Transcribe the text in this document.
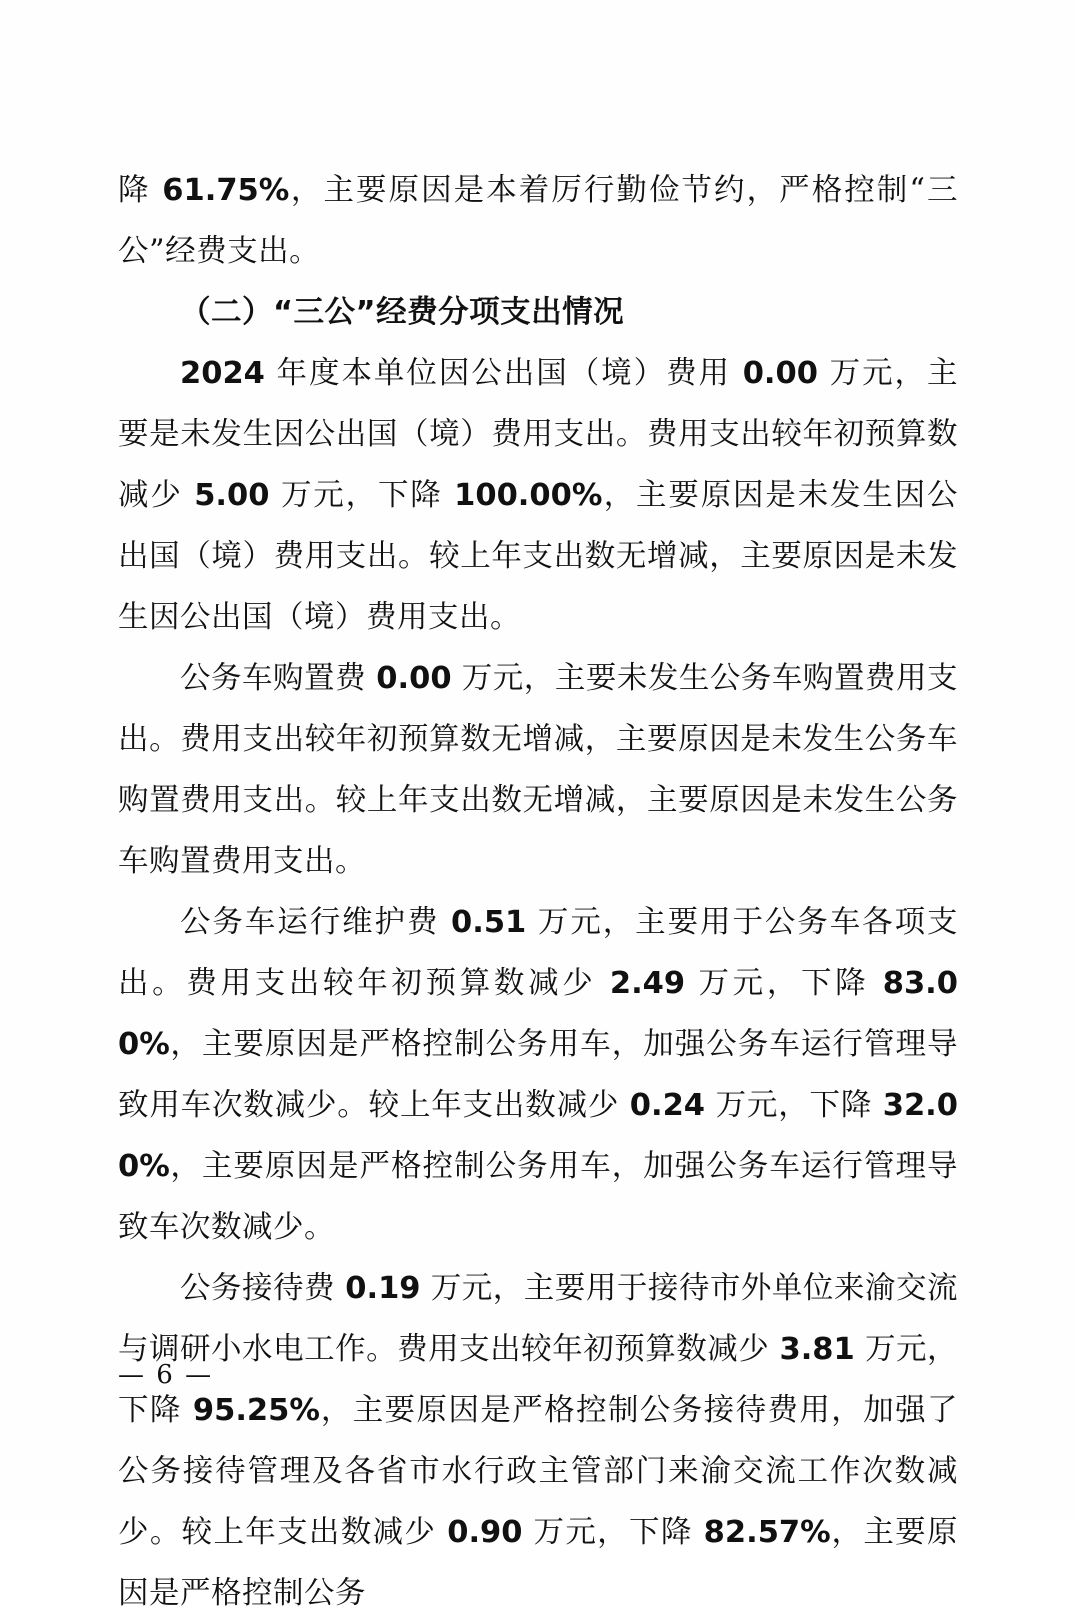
降 61.75%，主要原因是本着厉行勤俭节约，严格控制“三公”经费支出。

（二）“三公”经费分项支出情况

2024 年度本单位因公出国（境）费用 0.00 万元，主要是未发生因公出国（境）费用支出。费用支出较年初预算数减少 5.00 万元，下降 100.00%，主要原因是未发生因公出国（境）费用支出。较上年支出数无增减，主要原因是未发生因公出国（境）费用支出。

公务车购置费 0.00 万元，主要未发生公务车购置费用支出。费用支出较年初预算数无增减，主要原因是未发生公务车购置费用支出。较上年支出数无增减，主要原因是未发生公务车购置费用支出。

公务车运行维护费 0.51 万元，主要用于公务车各项支出。费用支出较年初预算数减少 2.49 万元，下降 83.00%，主要原因是严格控制公务用车，加强公务车运行管理导致用车次数减少。较上年支出数减少 0.24 万元，下降 32.00%，主要原因是严格控制公务用车，加强公务车运行管理导致车次数减少。

公务接待费 0.19 万元，主要用于接待市外单位来渝交流与调研小水电工作。费用支出较年初预算数减少 3.81 万元，下降 95.25%，主要原因是严格控制公务接待费用，加强了公务接待管理及各省市水行政主管部门来渝交流工作次数减少。较上年支出数减少 0.90 万元，下降 82.57%，主要原因是严格控制公务

— 6 —
